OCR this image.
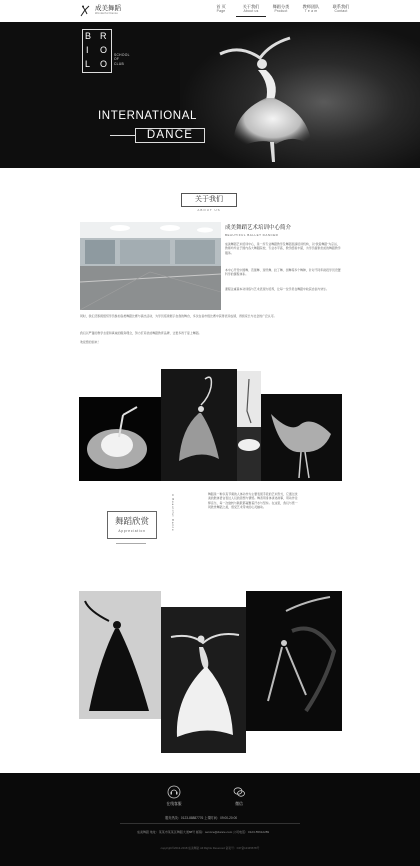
成美舞蹈
Wonderful Dance
首 页
Page
关于我们
About us
舞蹈分类
Product
教师团队
T e a m
联系我们
Contact
B R
I O
L O
SCHOOL
OF
CLUB
INTERNATIONAL
DANCE
关于我们
ABOUT US
成美舞蹈艺术培训中心简介
BEAUTIFUL BALLET DANCER

成美舞蹈艺术培训中心，是一所专业舞蹈教学及舞蹈表演培训机构，以"我爱舞蹈"为宗旨，教师均毕业于国内各大舞蹈院校，专业水平高，教学经验丰富，为学员提供优质的舞蹈教学服务。

本中心开设中国舞、芭蕾舞、现代舞、拉丁舞、街舞等多个舞种，针对不同年龄段学员设置科学的课程体系。

课程注重基本功训练与艺术表现力培养，让每一位学员在舞蹈中收获自信与快乐。

同时，我们还积极组织学员参加各类舞蹈比赛与演出活动，为学员搭建展示自我的舞台，多次在省市级比赛中获得优异成绩，得到家长与社会的广泛认可。

我们以严谨的教学态度和真诚的服务理念，努力打造优质舞蹈教育品牌，让更多孩子爱上舞蹈。

欢迎您的到来！

舞蹈欣赏
Appreciation	A Beautiful Dance	舞蹈是一种以有节奏的人体动作为主要表现手段的艺术形式，它通过优美的肢体语言表达人们的思想与情感。舞者用身体讲述故事，用动作诠释音乐，每一次旋转与跳跃都凝聚着汗水与坚持。在这里，我们与您一同欣赏舞蹈之美，感受艺术带来的心灵触动。

在线客服	微信
服务热线：0123-88887776 上课时间：09:00-20:00
成美舞蹈 地址：某某市某某区舞蹈大道88号 邮箱：service@dance.com 公司电话：0123-55612289
copyright©2013-2018 成美舞蹈 All Rights Reserved 备案号：ICP备12345678号
